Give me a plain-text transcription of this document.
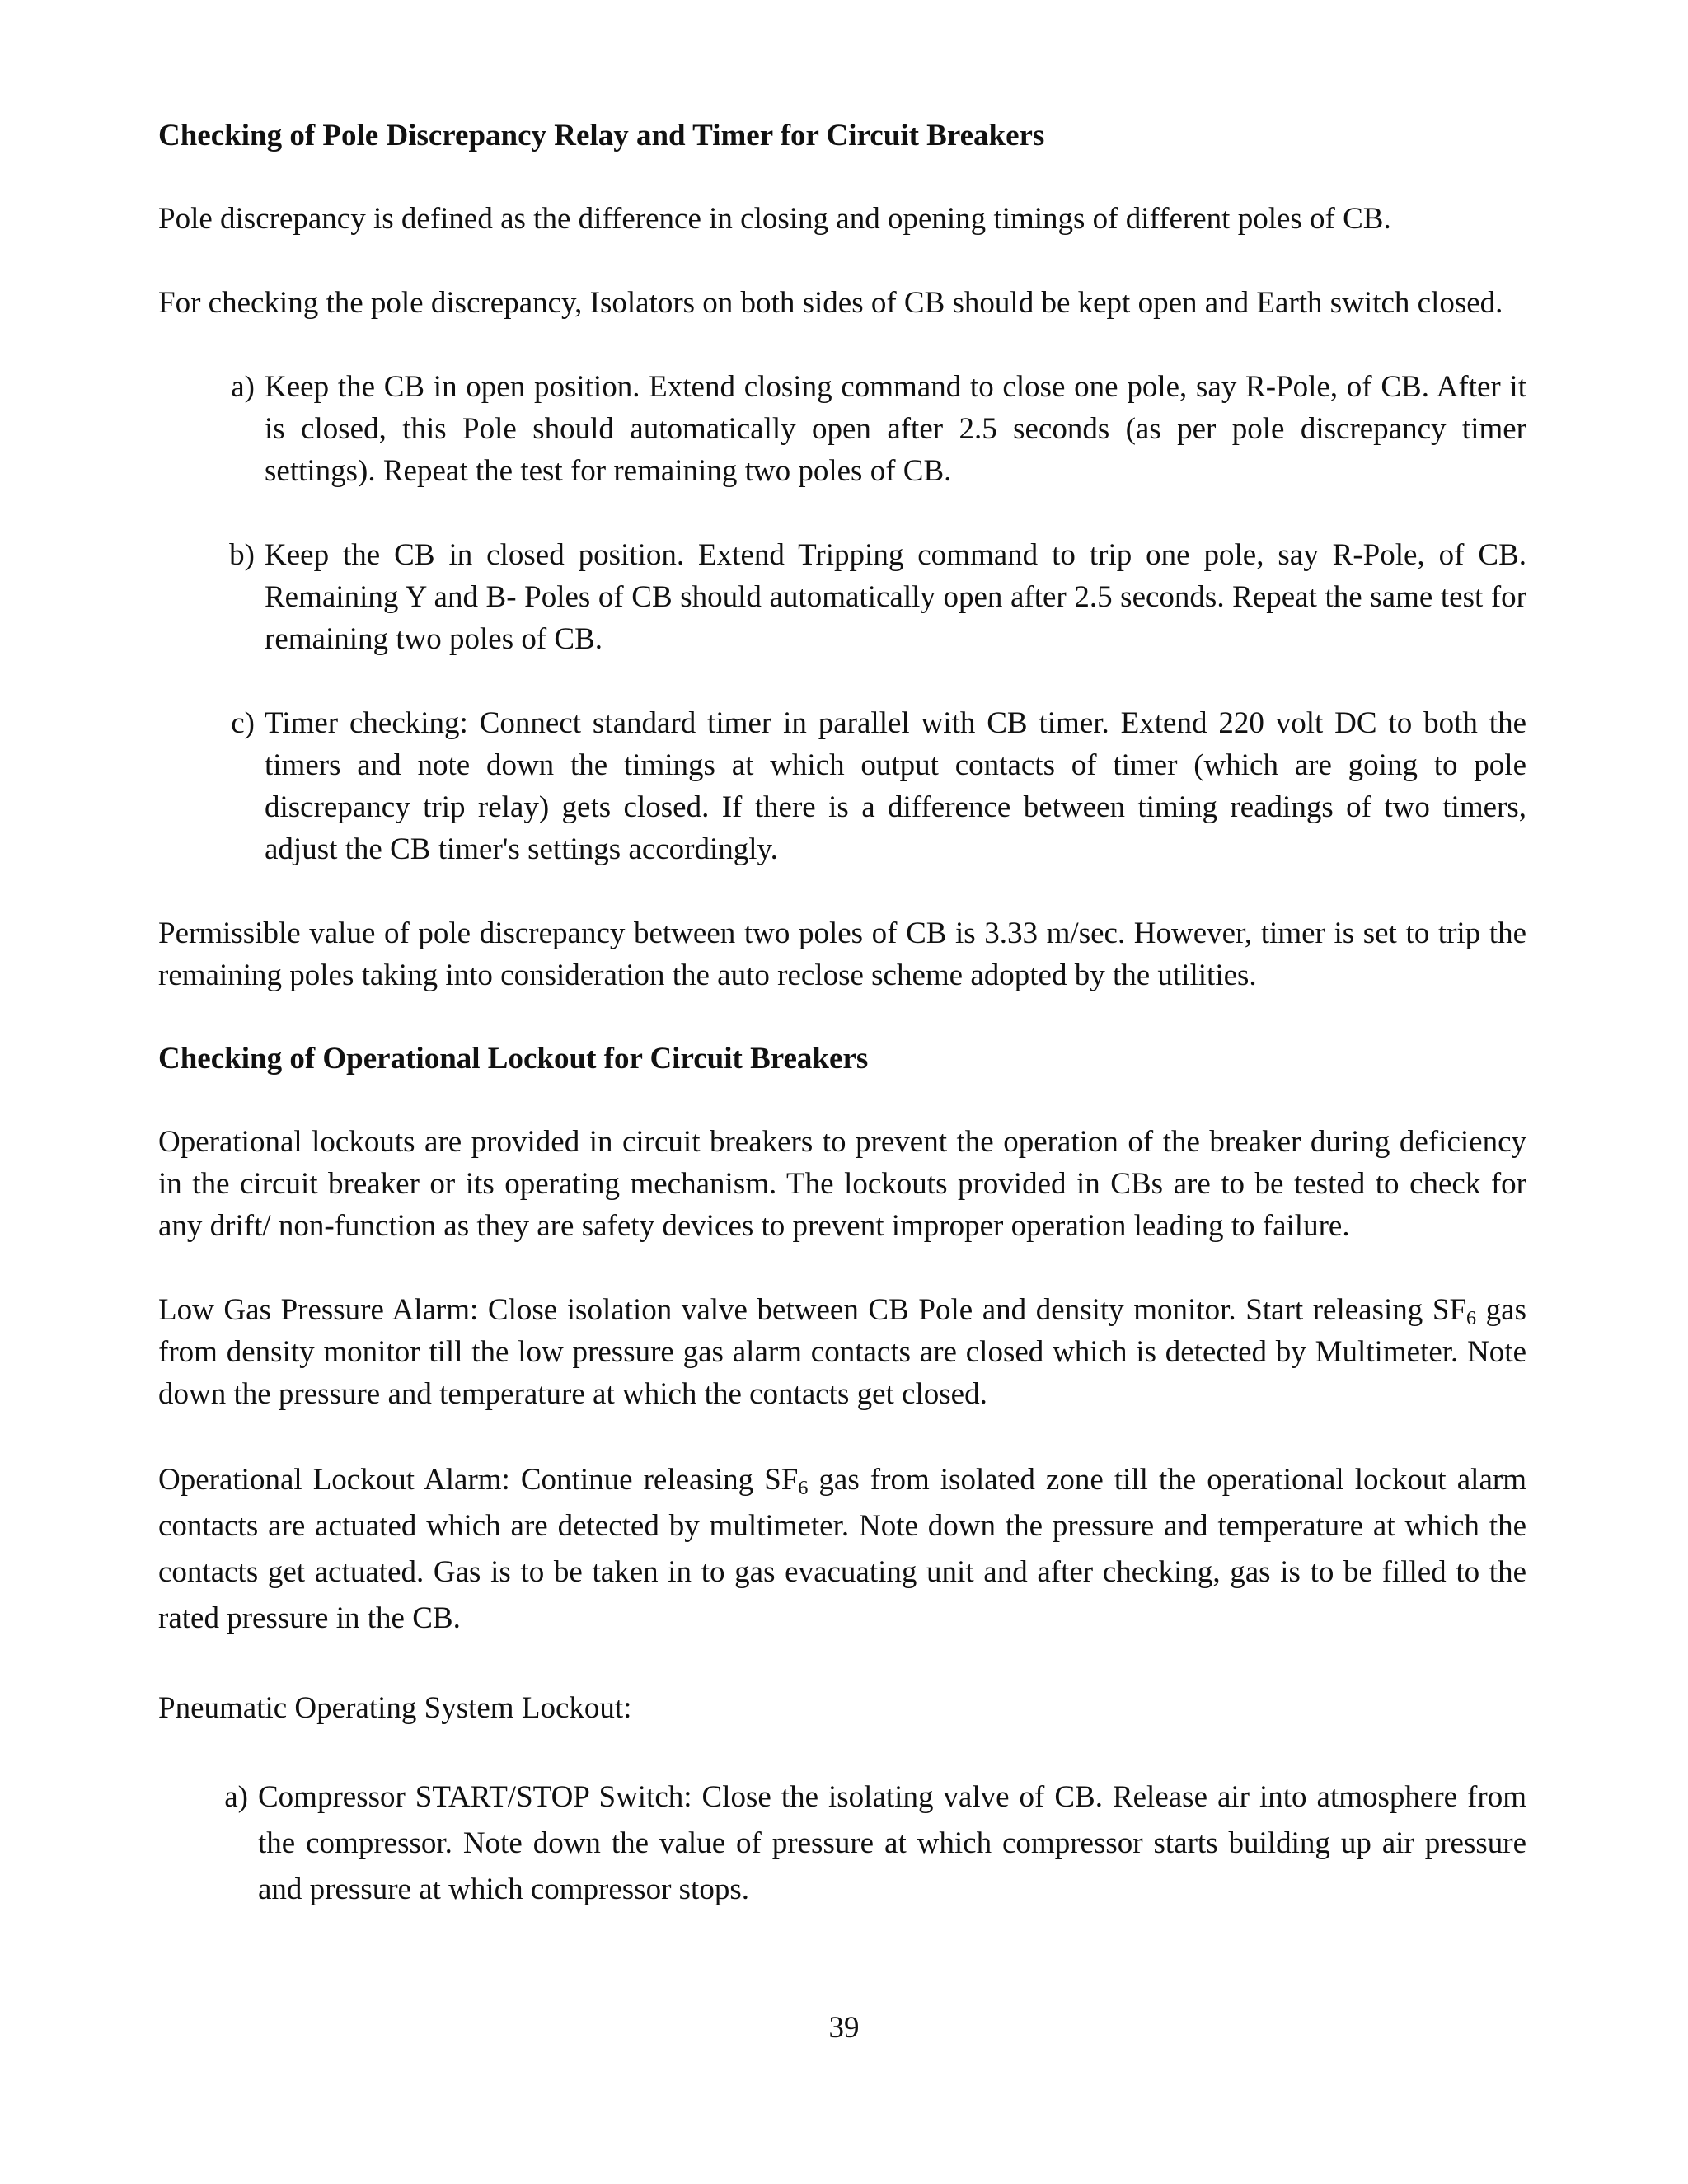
Checking of Pole Discrepancy Relay and Timer for Circuit Breakers

Pole discrepancy is defined as the difference in closing and opening timings of different poles of CB.

For checking the pole discrepancy, Isolators on both sides of CB should be kept open and Earth switch closed.

a) Keep the CB in open position. Extend closing command to close one pole, say R-Pole, of CB. After it is closed, this Pole should automatically open after 2.5 seconds (as per pole discrepancy timer settings). Repeat the test for remaining two poles of CB.
b) Keep the CB in closed position. Extend Tripping command to trip one pole, say R-Pole, of CB. Remaining Y and B- Poles of CB should automatically open after 2.5 seconds. Repeat the same test for remaining two poles of CB.
c) Timer checking: Connect standard timer in parallel with CB timer. Extend 220 volt DC to both the timers and note down the timings at which output contacts of timer (which are going to pole discrepancy trip relay) gets closed. If there is a difference between timing readings of two timers, adjust the CB timer's settings accordingly.

Permissible value of pole discrepancy between two poles of CB is 3.33 m/sec. However, timer is set to trip the remaining poles taking into consideration the auto reclose scheme adopted by the utilities.

Checking of Operational Lockout for Circuit Breakers

Operational lockouts are provided in circuit breakers to prevent the operation of the breaker during deficiency in the circuit breaker or its operating mechanism. The lockouts provided in CBs are to be tested to check for any drift/ non-function as they are safety devices to prevent improper operation leading to failure.

Low Gas Pressure Alarm: Close isolation valve between CB Pole and density monitor. Start releasing $SF_6$ gas from density monitor till the low pressure gas alarm contacts are closed which is detected by Multimeter. Note down the pressure and temperature at which the contacts get closed.

Operational Lockout Alarm: Continue releasing $SF_6$ gas from isolated zone till the operational lockout alarm contacts are actuated which are detected by multimeter. Note down the pressure and temperature at which the contacts get actuated. Gas is to be taken in to gas evacuating unit and after checking, gas is to be filled to the rated pressure in the CB.

Pneumatic Operating System Lockout:

a) Compressor START/STOP Switch: Close the isolating valve of CB. Release air into atmosphere from the compressor. Note down the value of pressure at which compressor starts building up air pressure and pressure at which compressor stops.
39
